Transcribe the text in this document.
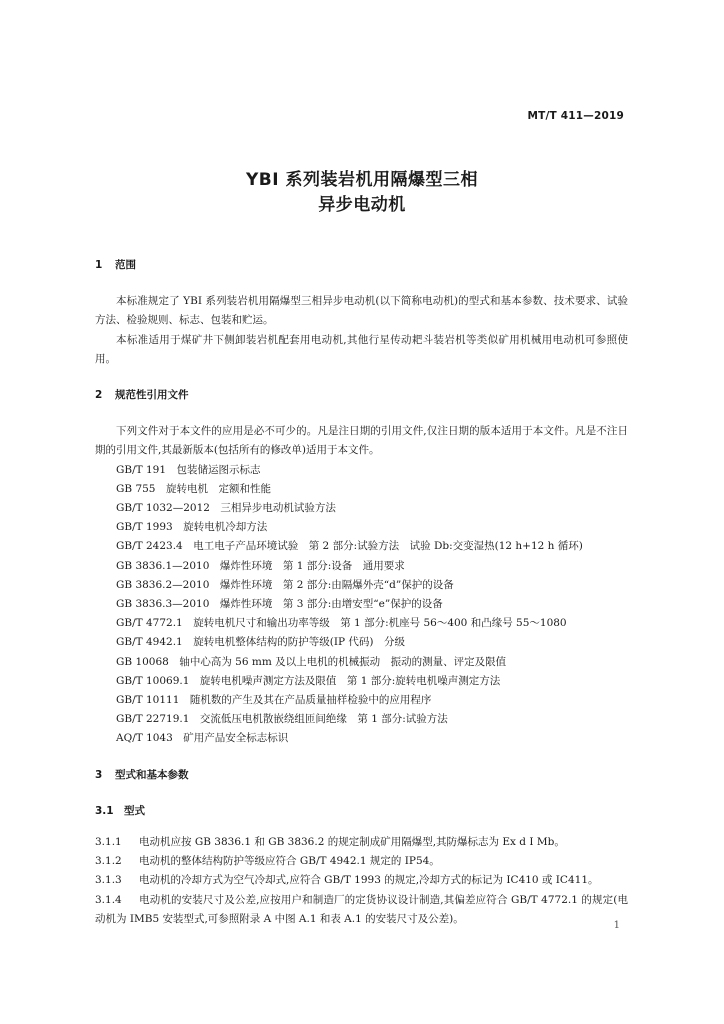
MT/T 411—2019
YBI 系列装岩机用隔爆型三相
异步电动机
1 范围
本标准规定了 YBI 系列装岩机用隔爆型三相异步电动机(以下简称电动机)的型式和基本参数、技术要求、试验方法、检验规则、标志、包装和贮运。
本标准适用于煤矿井下侧卸装岩机配套用电动机,其他行星传动耙斗装岩机等类似矿用机械用电动机可参照使用。
2 规范性引用文件
下列文件对于本文件的应用是必不可少的。凡是注日期的引用文件,仅注日期的版本适用于本文件。凡是不注日期的引用文件,其最新版本(包括所有的修改单)适用于本文件。
GB/T 191　包装储运图示标志
GB 755　旋转电机　定额和性能
GB/T 1032—2012　三相异步电动机试验方法
GB/T 1993　旋转电机冷却方法
GB/T 2423.4　电工电子产品环境试验　第 2 部分:试验方法　试验 Db:交变湿热(12 h+12 h 循环)
GB 3836.1—2010　爆炸性环境　第 1 部分:设备　通用要求
GB 3836.2—2010　爆炸性环境　第 2 部分:由隔爆外壳“d”保护的设备
GB 3836.3—2010　爆炸性环境　第 3 部分:由增安型“e”保护的设备
GB/T 4772.1　旋转电机尺寸和输出功率等级　第 1 部分:机座号 56～400 和凸缘号 55～1080
GB/T 4942.1　旋转电机整体结构的防护等级(IP 代码)　分级
GB 10068　轴中心高为 56 mm 及以上电机的机械振动　振动的测量、评定及限值
GB/T 10069.1　旋转电机噪声测定方法及限值　第 1 部分:旋转电机噪声测定方法
GB/T 10111　随机数的产生及其在产品质量抽样检验中的应用程序
GB/T 22719.1　交流低压电机散嵌绕组匝间绝缘　第 1 部分:试验方法
AQ/T 1043　矿用产品安全标志标识
3 型式和基本参数
3.1 型式
3.1.1 电动机应按 GB 3836.1 和 GB 3836.2 的规定制成矿用隔爆型,其防爆标志为 Ex d Ⅰ Mb。
3.1.2 电动机的整体结构防护等级应符合 GB/T 4942.1 规定的 IP54。
3.1.3 电动机的冷却方式为空气冷却式,应符合 GB/T 1993 的规定,冷却方式的标记为 IC410 或 IC411。
3.1.4 电动机的安装尺寸及公差,应按用户和制造厂的定货协议设计制造,其偏差应符合 GB/T 4772.1 的规定(电动机为 IMB5 安装型式,可参照附录 A 中图 A.1 和表 A.1 的安装尺寸及公差)。
1
